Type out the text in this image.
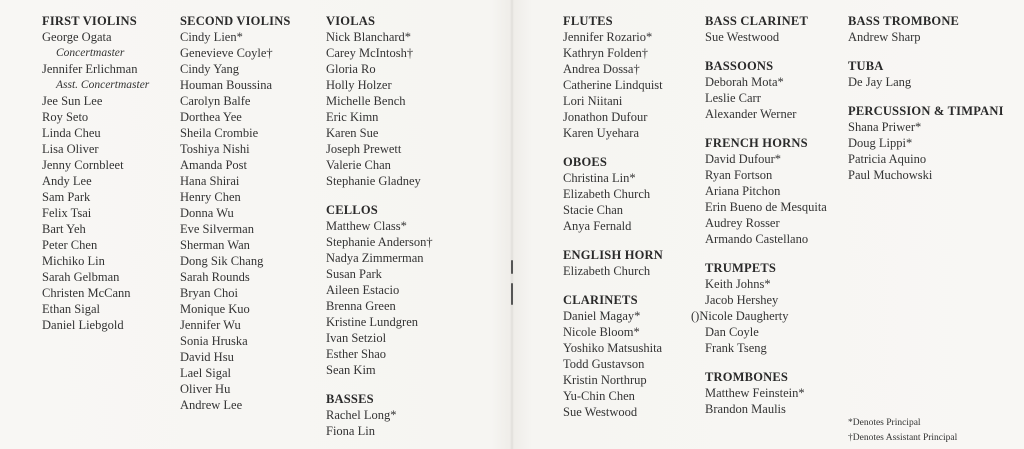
FIRST VIOLINS
George Ogata
Concertmaster
Jennifer Erlichman
Asst. Concertmaster
Jee Sun Lee
Roy Seto
Linda Cheu
Lisa Oliver
Jenny Cornbleet
Andy Lee
Sam Park
Felix Tsai
Bart Yeh
Peter Chen
Michiko Lin
Sarah Gelbman
Christen McCann
Ethan Sigal
Daniel Liebgold
SECOND VIOLINS
Cindy Lien*
Genevieve Coyle†
Cindy Yang
Houman Boussina
Carolyn Balfe
Dorthea Yee
Sheila Crombie
Toshiya Nishi
Amanda Post
Hana Shirai
Henry Chen
Donna Wu
Eve Silverman
Sherman Wan
Dong Sik Chang
Sarah Rounds
Bryan Choi
Monique Kuo
Jennifer Wu
Sonia Hruska
David Hsu
Lael Sigal
Oliver Hu
Andrew Lee
VIOLAS
Nick Blanchard*
Carey McIntosh†
Gloria Ro
Holly Holzer
Michelle Bench
Eric Kimn
Karen Sue
Joseph Prewett
Valerie Chan
Stephanie Gladney
CELLOS
Matthew Class*
Stephanie Anderson†
Nadya Zimmerman
Susan Park
Aileen Estacio
Brenna Green
Kristine Lundgren
Ivan Setziol
Esther Shao
Sean Kim
BASSES
Rachel Long*
Fiona Lin
FLUTES
Jennifer Rozario*
Kathryn Folden†
Andrea Dossa†
Catherine Lindquist
Lori Niitani
Jonathon Dufour
Karen Uyehara
OBOES
Christina Lin*
Elizabeth Church
Stacie Chan
Anya Fernald
ENGLISH HORN
Elizabeth Church
CLARINETS
Daniel Magay*
Nicole Bloom*
Yoshiko Matsushita
Todd Gustavson
Kristin Northrup
Yu-Chin Chen
Sue Westwood
BASS CLARINET
Sue Westwood
BASSOONS
Deborah Mota*
Leslie Carr
Alexander Werner
FRENCH HORNS
David Dufour*
Ryan Fortson
Ariana Pitchon
Erin Bueno de Mesquita
Audrey Rosser
Armando Castellano
TRUMPETS
Keith Johns*
Jacob Hershey
()Nicole Daugherty
Dan Coyle
Frank Tseng
TROMBONES
Matthew Feinstein*
Brandon Maulis
BASS TROMBONE
Andrew Sharp
TUBA
De Jay Lang
PERCUSSION & TIMPANI
Shana Priwer*
Doug Lippi*
Patricia Aquino
Paul Muchowski
*Denotes Principal
†Denotes Assistant Principal
